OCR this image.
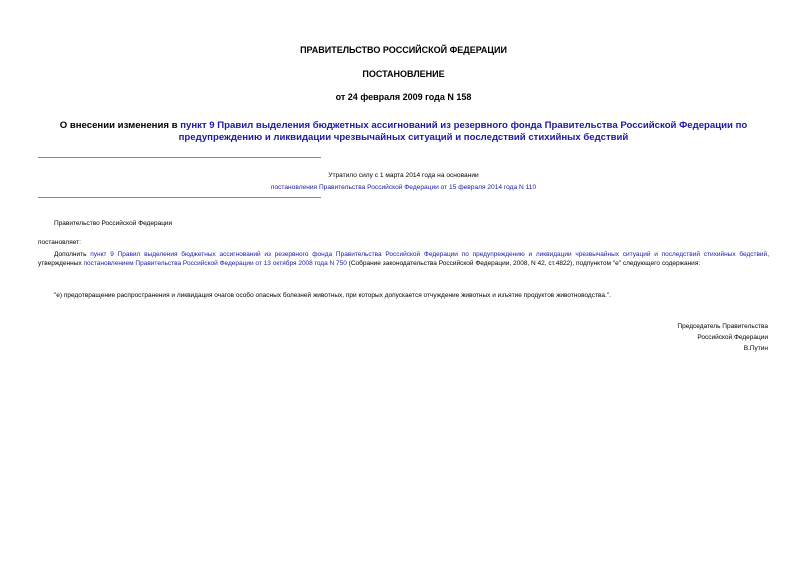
ПРАВИТЕЛЬСТВО РОССИЙСКОЙ ФЕДЕРАЦИИ
ПОСТАНОВЛЕНИЕ
от 24 февраля 2009 года N 158
О внесении изменения в пункт 9 Правил выделения бюджетных ассигнований из резервного фонда Правительства Российской Федерации по предупреждению и ликвидации чрезвычайных ситуаций и последствий стихийных бедствий
Утратило силу с 1 марта 2014 года на основании
постановления Правительства Российской Федерации от 15 февраля 2014 года N 110
Правительство Российской Федерации
постановляет:
Дополнить пункт 9 Правил выделения бюджетных ассигнований из резервного фонда Правительства Российской Федерации по предупреждению и ликвидации чрезвычайных ситуаций и последствий стихийных бедствий, утвержденных постановлением Правительства Российской Федерации от 13 октября 2008 года N 750 (Собрание законодательства Российской Федерации, 2008, N 42, ст.4822), подпунктом "е" следующего содержания:
"е) предотвращение распространения и ликвидация очагов особо опасных болезней животных, при которых допускается отчуждение животных и изъятие продуктов животноводства.".
Председатель Правительства
Российской Федерации
В.Путин
